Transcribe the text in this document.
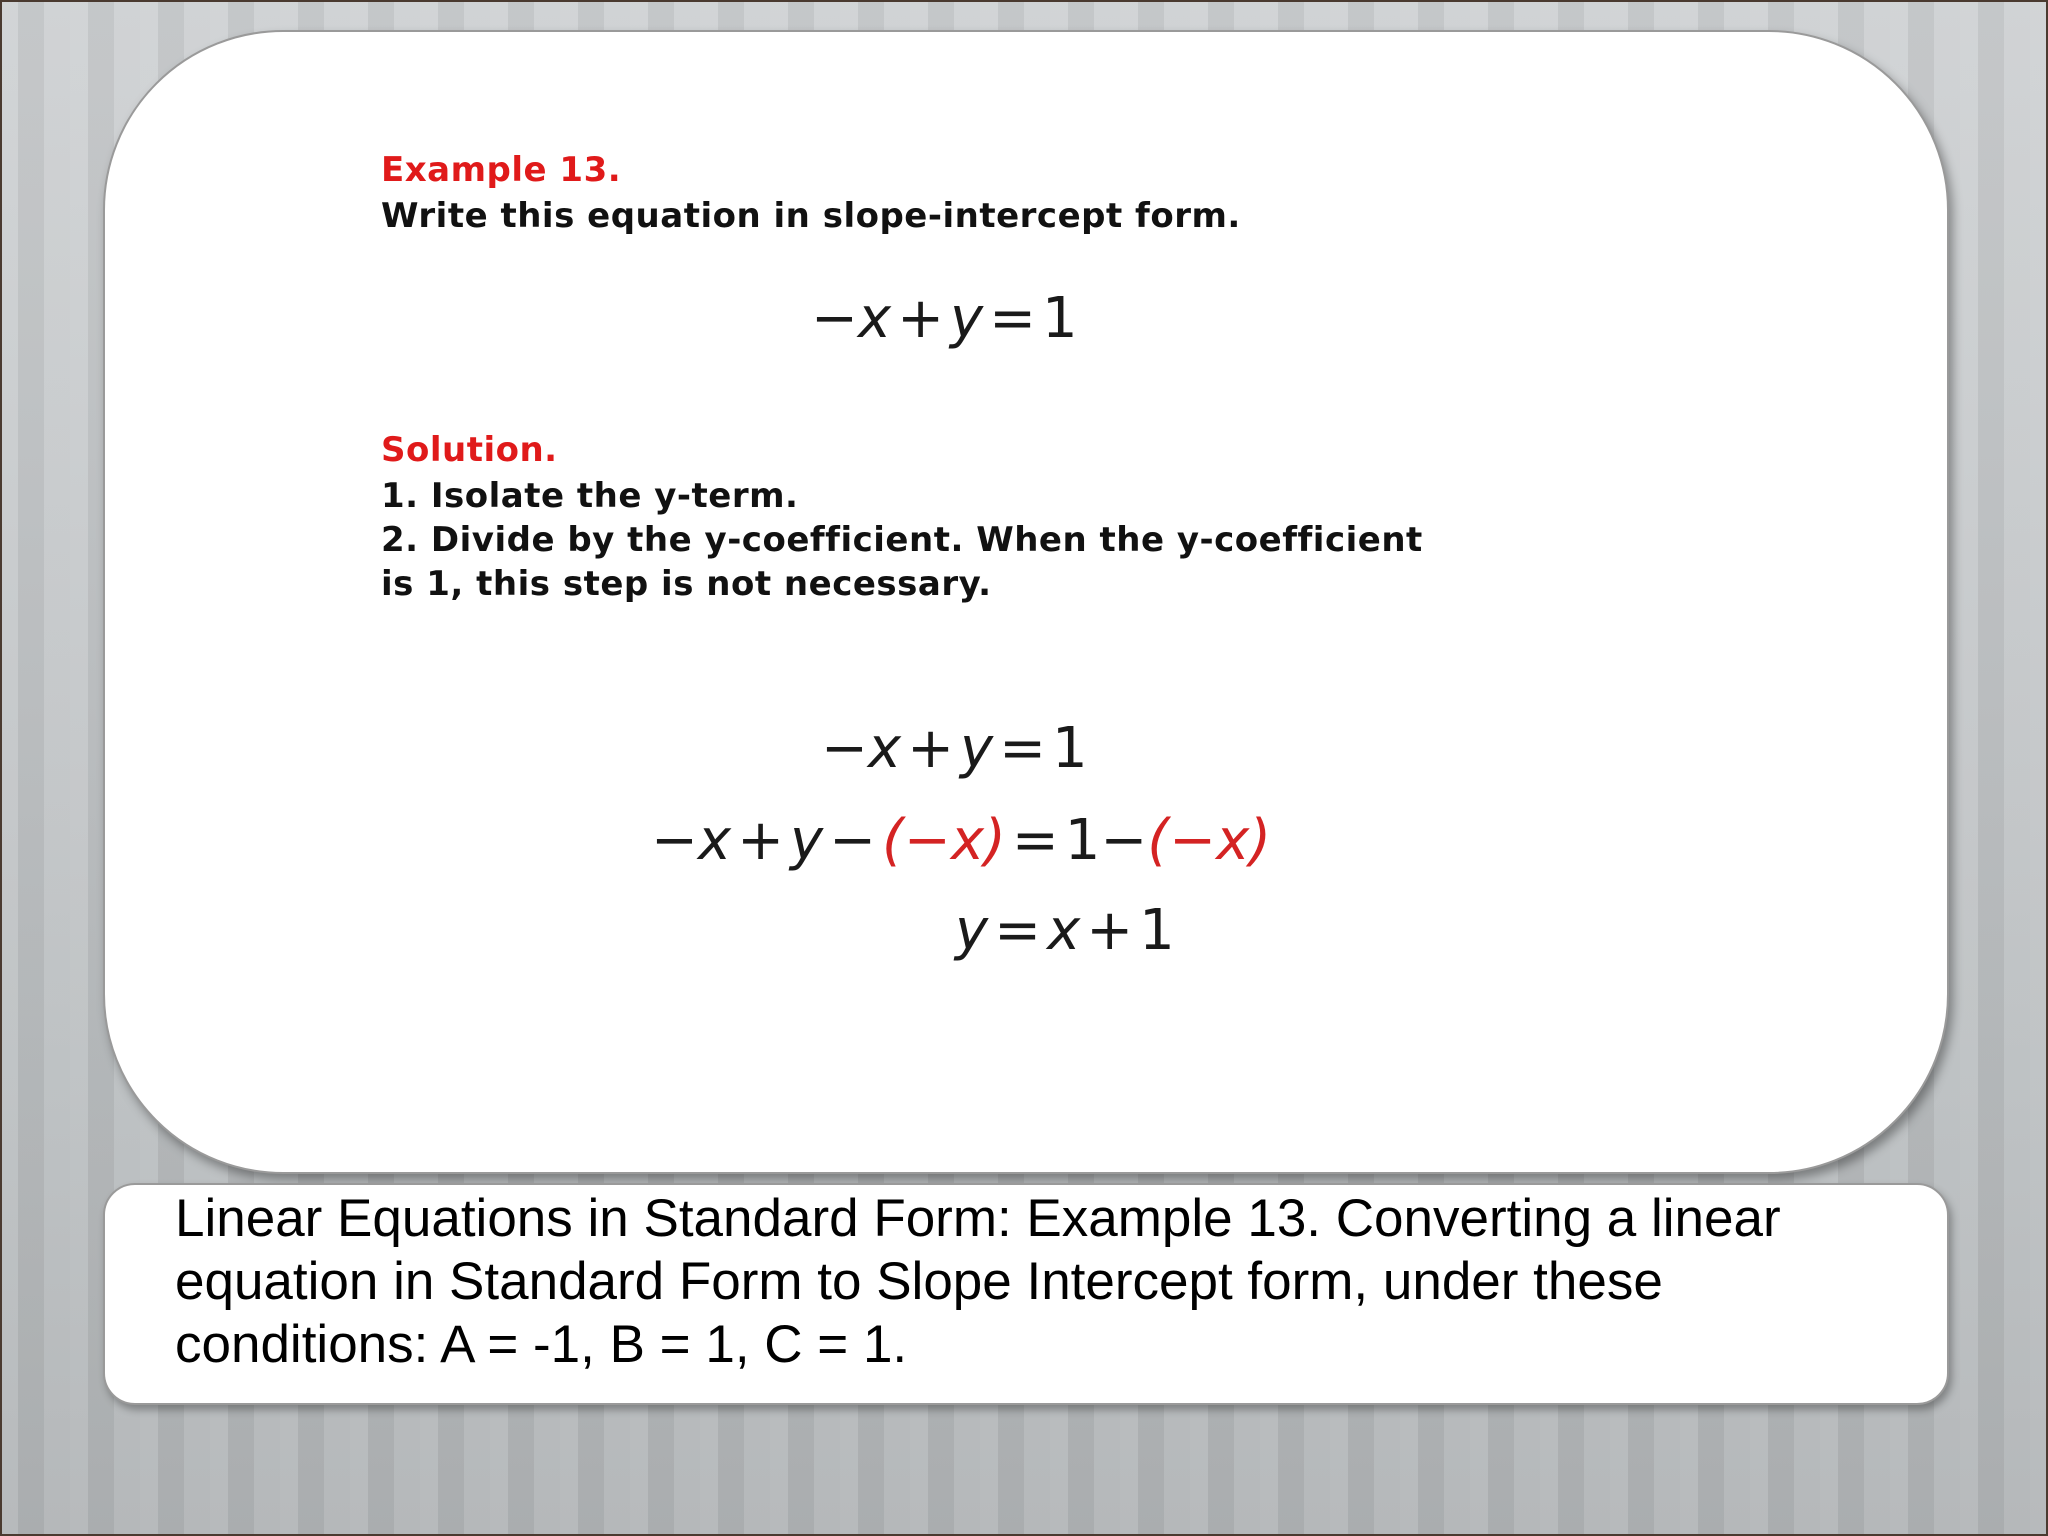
Example 13.
Write this equation in slope-intercept form.
−x + y = 1
Solution.
1. Isolate the y-term.
2. Divide by the y-coefficient. When the y-coefficient
is 1, this step is not necessary.
−x + y = 1
−x + y − (−x) = 1−(−x)
y = x + 1
Linear Equations in Standard Form: Example 13. Converting a linear equation in Standard Form to Slope Intercept form, under these conditions: A = -1, B = 1, C = 1.
